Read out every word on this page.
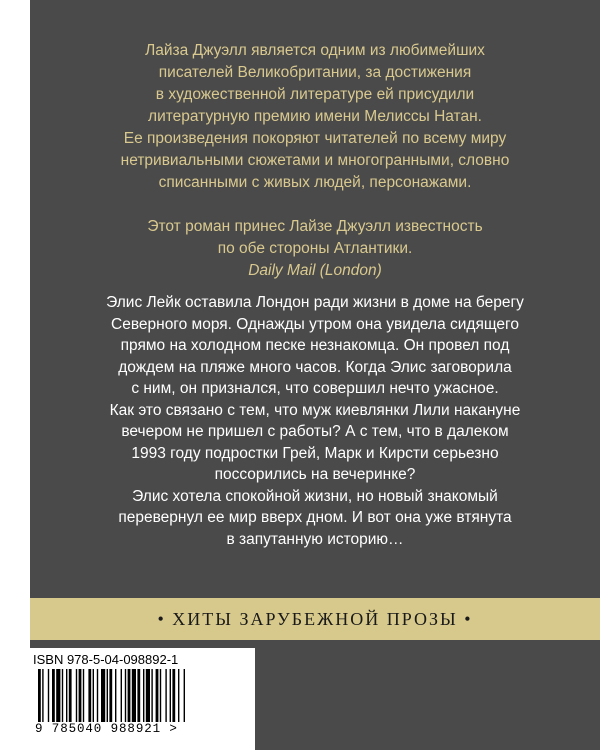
Лайза Джуэлл является одним из любимейших

писателей Великобритании, за достижения

в художественной литературе ей присудили

литературную премию имени Мелиссы Натан.

Ее произведения покоряют читателей по всему миру

нетривиальными сюжетами и многогранными, словно

списанными с живых людей, персонажами.

Этот роман принес Лайзе Джуэлл известность

по обе стороны Атлантики.

Daily Mail (London)

Элис Лейк оставила Лондон ради жизни в доме на берегу

Северного моря. Однажды утром она увидела сидящего

прямо на холодном песке незнакомца. Он провел под

дождем на пляже много часов. Когда Элис заговорила

с ним, он признался, что совершил нечто ужасное.

Как это связано с тем, что муж киевлянки Лили накануне

вечером не пришел с работы? А с тем, что в далеком

1993 году подростки Грей, Марк и Кирсти серьезно

поссорились на вечеринке?

Элис хотела спокойной жизни, но новый знакомый

перевернул ее мир вверх дном. И вот она уже втянута

в запутанную историю…

• ХИТЫ ЗАРУБЕЖНОЙ ПРОЗЫ •
ISBN 978-5-04-098892-1
9 785040 988921 >
